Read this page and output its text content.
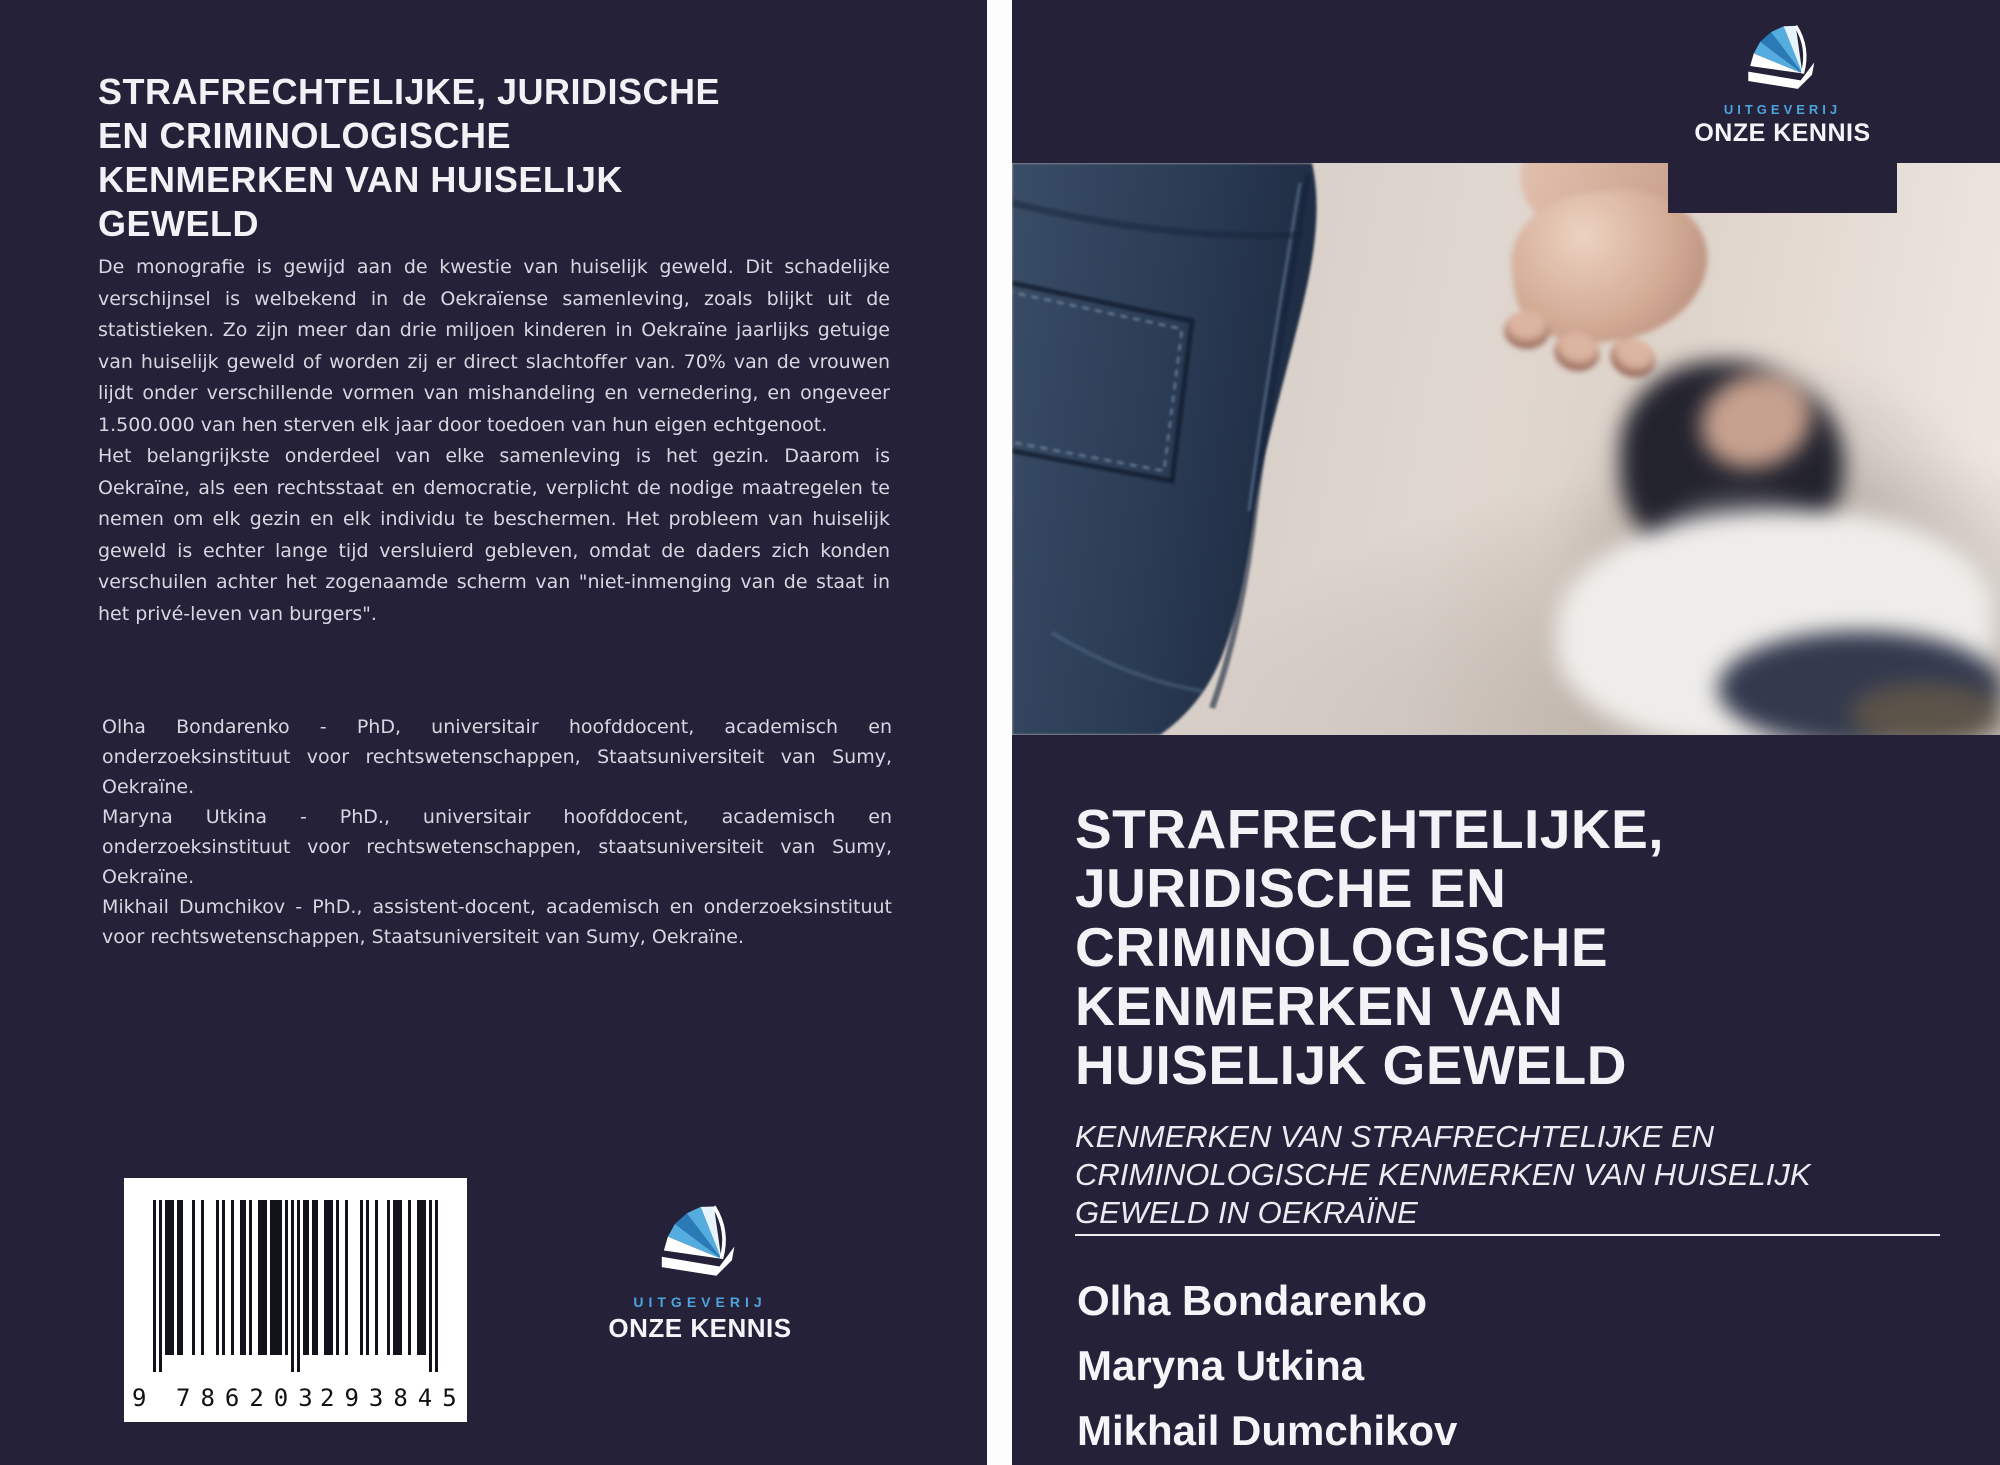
STRAFRECHTELIJKE, JURIDISCHE
EN CRIMINOLOGISCHE
KENMERKEN VAN HUISELIJK
GEWELD

De monografie is gewijd aan de kwestie van huiselijk geweld. Dit schadelijke verschijnsel is welbekend in de Oekraïense samenleving, zoals blijkt uit de statistieken. Zo zijn meer dan drie miljoen kinderen in Oekraïne jaarlijks getuige van huiselijk geweld of worden zij er direct slachtoffer van. 70% van de vrouwen lijdt onder verschillende vormen van mishandeling en vernedering, en ongeveer 1.500.000 van hen sterven elk jaar door toedoen van hun eigen echtgenoot.

Het belangrijkste onderdeel van elke samenleving is het gezin. Daarom is Oekraïne, als een rechtsstaat en democratie, verplicht de nodige maatregelen te nemen om elk gezin en elk individu te beschermen. Het probleem van huiselijk geweld is echter lange tijd versluierd gebleven, omdat de daders zich konden verschuilen achter het zogenaamde scherm van "niet-inmenging van de staat in het privé-leven van burgers".

Olha Bondarenko - PhD, universitair hoofddocent, academisch en onderzoeksinstituut voor rechtswetenschappen, Staatsuniversiteit van Sumy, Oekraïne.

Maryna Utkina - PhD., universitair hoofddocent, academisch en onderzoeksinstituut voor rechtswetenschappen, staatsuniversiteit van Sumy, Oekraïne.

Mikhail Dumchikov - PhD., assistent-docent, academisch en onderzoeksinstituut voor rechtswetenschappen, Staatsuniversiteit van Sumy, Oekraïne.

9 786203
293845
UITGEVERIJ
ONZE KENNIS
UITGEVERIJ
ONZE KENNIS
STRAFRECHTELIJKE,
JURIDISCHE EN
CRIMINOLOGISCHE
KENMERKEN VAN
HUISELIJK GEWELD
KENMERKEN VAN STRAFRECHTELIJKE EN
CRIMINOLOGISCHE KENMERKEN VAN HUISELIJK
GEWELD IN OEKRAÏNE
Olha Bondarenko
Maryna Utkina
Mikhail Dumchikov
